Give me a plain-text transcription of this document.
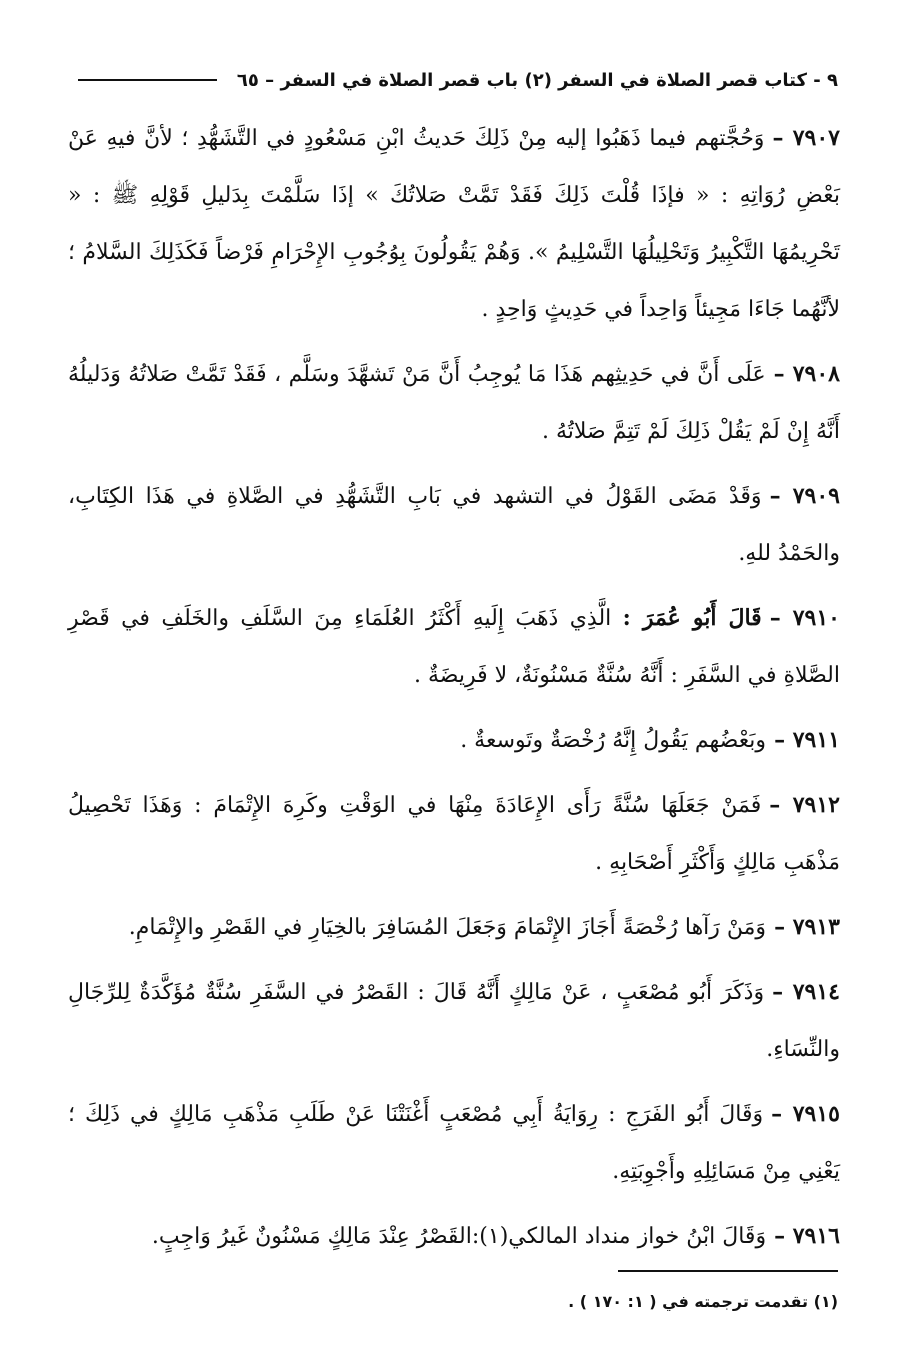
٩ - كتاب قصر الصلاة في السفر (٢) باب قصر الصلاة في السفر – ٦٥

٧٩٠٧ –وَحُجَّتهم فيما ذَهَبُوا إليه مِنْ ذَلِكَ حَديثُ ابْنِ مَسْعُودٍ في التَّشَهُّدِ ؛ لأنَّ فيهِ عَنْ بَعْضِ رُوَاتِهِ : « فإذَا قُلْتَ ذَلِكَ فَقَدْ تَمَّتْ صَلاتُكَ » إذَا سَلَّمْتَ بِدَليلِ قَوْلِهِ ﷺ : « تَحْرِيمُهَا التَّكْبِيرُ وَتَحْلِيلُهَا التَّسْلِيمُ ». وَهُمْ يَقُولُونَ بِوُجُوبِ الإِحْرَامِ فَرْضاً فَكَذَلِكَ السَّلامُ ؛ لأنَّهُما جَاءَا مَجِيئاً وَاحِداً في حَدِيثٍ وَاحِدٍ .

٧٩٠٨ –عَلَى أَنَّ في حَدِيثِهم هَذَا مَا يُوجِبُ أَنَّ مَنْ تَشهَّدَ وسَلَّم ، فَقَدْ تَمَّتْ صَلاتُهُ وَدَليلُهُ أَنَّهُ إِنْ لَمْ يَقُلْ ذَلِكَ لَمْ تَتِمَّ صَلاتُهُ .

٧٩٠٩ –وَقَدْ مَضَى القَوْلُ في التشهد في بَابِ التَّشَهُّدِ في الصَّلاةِ في هَذَا الكِتَابِ، والحَمْدُ للهِ.

٧٩١٠ –قَالَ أَبُو عُمَرَ : الَّذِي ذَهَبَ إِلَيهِ أَكْثَرُ العُلَمَاءِ مِنَ السَّلَفِ والخَلَفِ في قَصْرِ الصَّلاةِ في السَّفَرِ : أَنَّهُ سُنَّةٌ مَسْنُونَةٌ، لا فَرِيضَةٌ .

٧٩١١ –وبَعْضُهم يَقُولُ إِنَّهُ رُخْصَةٌ وتَوسعةٌ .

٧٩١٢ –فَمَنْ جَعَلَهَا سُنَّةً رَأَى الإِعَادَةَ مِنْهَا في الوَقْتِ وكَرِهَ الإِتْمَامَ : وَهَذَا تَحْصِيلُ مَذْهَبِ مَالِكٍ وَأَكْثَرِ أَصْحَابِهِ .

٧٩١٣ –وَمَنْ رَآها رُخْصَةً أَجَازَ الإِتْمَامَ وَجَعَلَ المُسَافِرَ بالخِيَارِ في القَصْرِ والإِتْمَامِ.

٧٩١٤ –وَذَكَرَ أَبُو مُصْعَبٍ ، عَنْ مَالِكٍ أَنَّهُ قَالَ : القَصْرُ في السَّفَرِ سُنَّةٌ مُؤَكَّدَةٌ لِلرِّجَالِ والنِّسَاءِ.

٧٩١٥ –وَقَالَ أَبُو الفَرَجِ : رِوَايَةُ أَبِي مُصْعَبٍ أَغْنَتْنَا عَنْ طَلَبِ مَذْهَبِ مَالِكٍ في ذَلِكَ ؛ يَعْنِي مِنْ مَسَائِلِهِ وأَجْوِبَتِهِ.

٧٩١٦ –وَقَالَ ابْنُ خواز منداد المالكي(١):القَصْرُ عِنْدَ مَالِكٍ مَسْنُونٌ غَيرُ وَاجِبٍ.

(١) تقدمت ترجمته في ( ١: ١٧٠ ) .
